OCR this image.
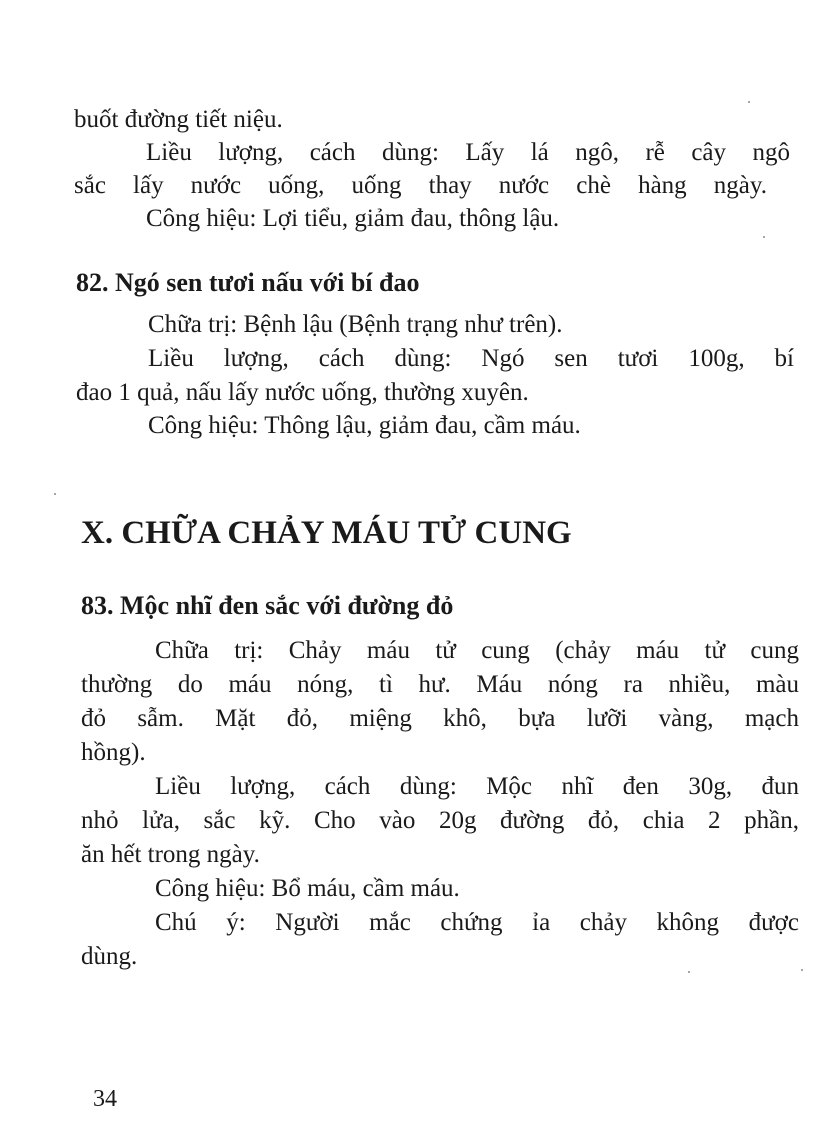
buốt đường tiết niệu.

Liều lượng, cách dùng: Lấy lá ngô, rễ cây ngô

sắc lấy nước uống, uống thay nước chè hàng ngày.

Công hiệu: Lợi tiểu, giảm đau, thông lậu.

82. Ngó sen tươi nấu với bí đao

Chữa trị: Bệnh lậu (Bệnh trạng như trên).

Liều lượng, cách dùng: Ngó sen tươi 100g, bí

đao 1 quả, nấu lấy nước uống, thường xuyên.

Công hiệu: Thông lậu, giảm đau, cầm máu.

X. CHỮA CHẢY MÁU TỬ CUNG
83. Mộc nhĩ đen sắc với đường đỏ

Chữa trị: Chảy máu tử cung (chảy máu tử cung

thường do máu nóng, tì hư. Máu nóng ra nhiều, màu

đỏ sẫm. Mặt đỏ, miệng khô, bựa lưỡi vàng, mạch

hồng).

Liều lượng, cách dùng: Mộc nhĩ đen 30g, đun

nhỏ lửa, sắc kỹ. Cho vào 20g đường đỏ, chia 2 phần,

ăn hết trong ngày.

Công hiệu: Bổ máu, cầm máu.

Chú ý: Người mắc chứng ỉa chảy không được

dùng.

34
